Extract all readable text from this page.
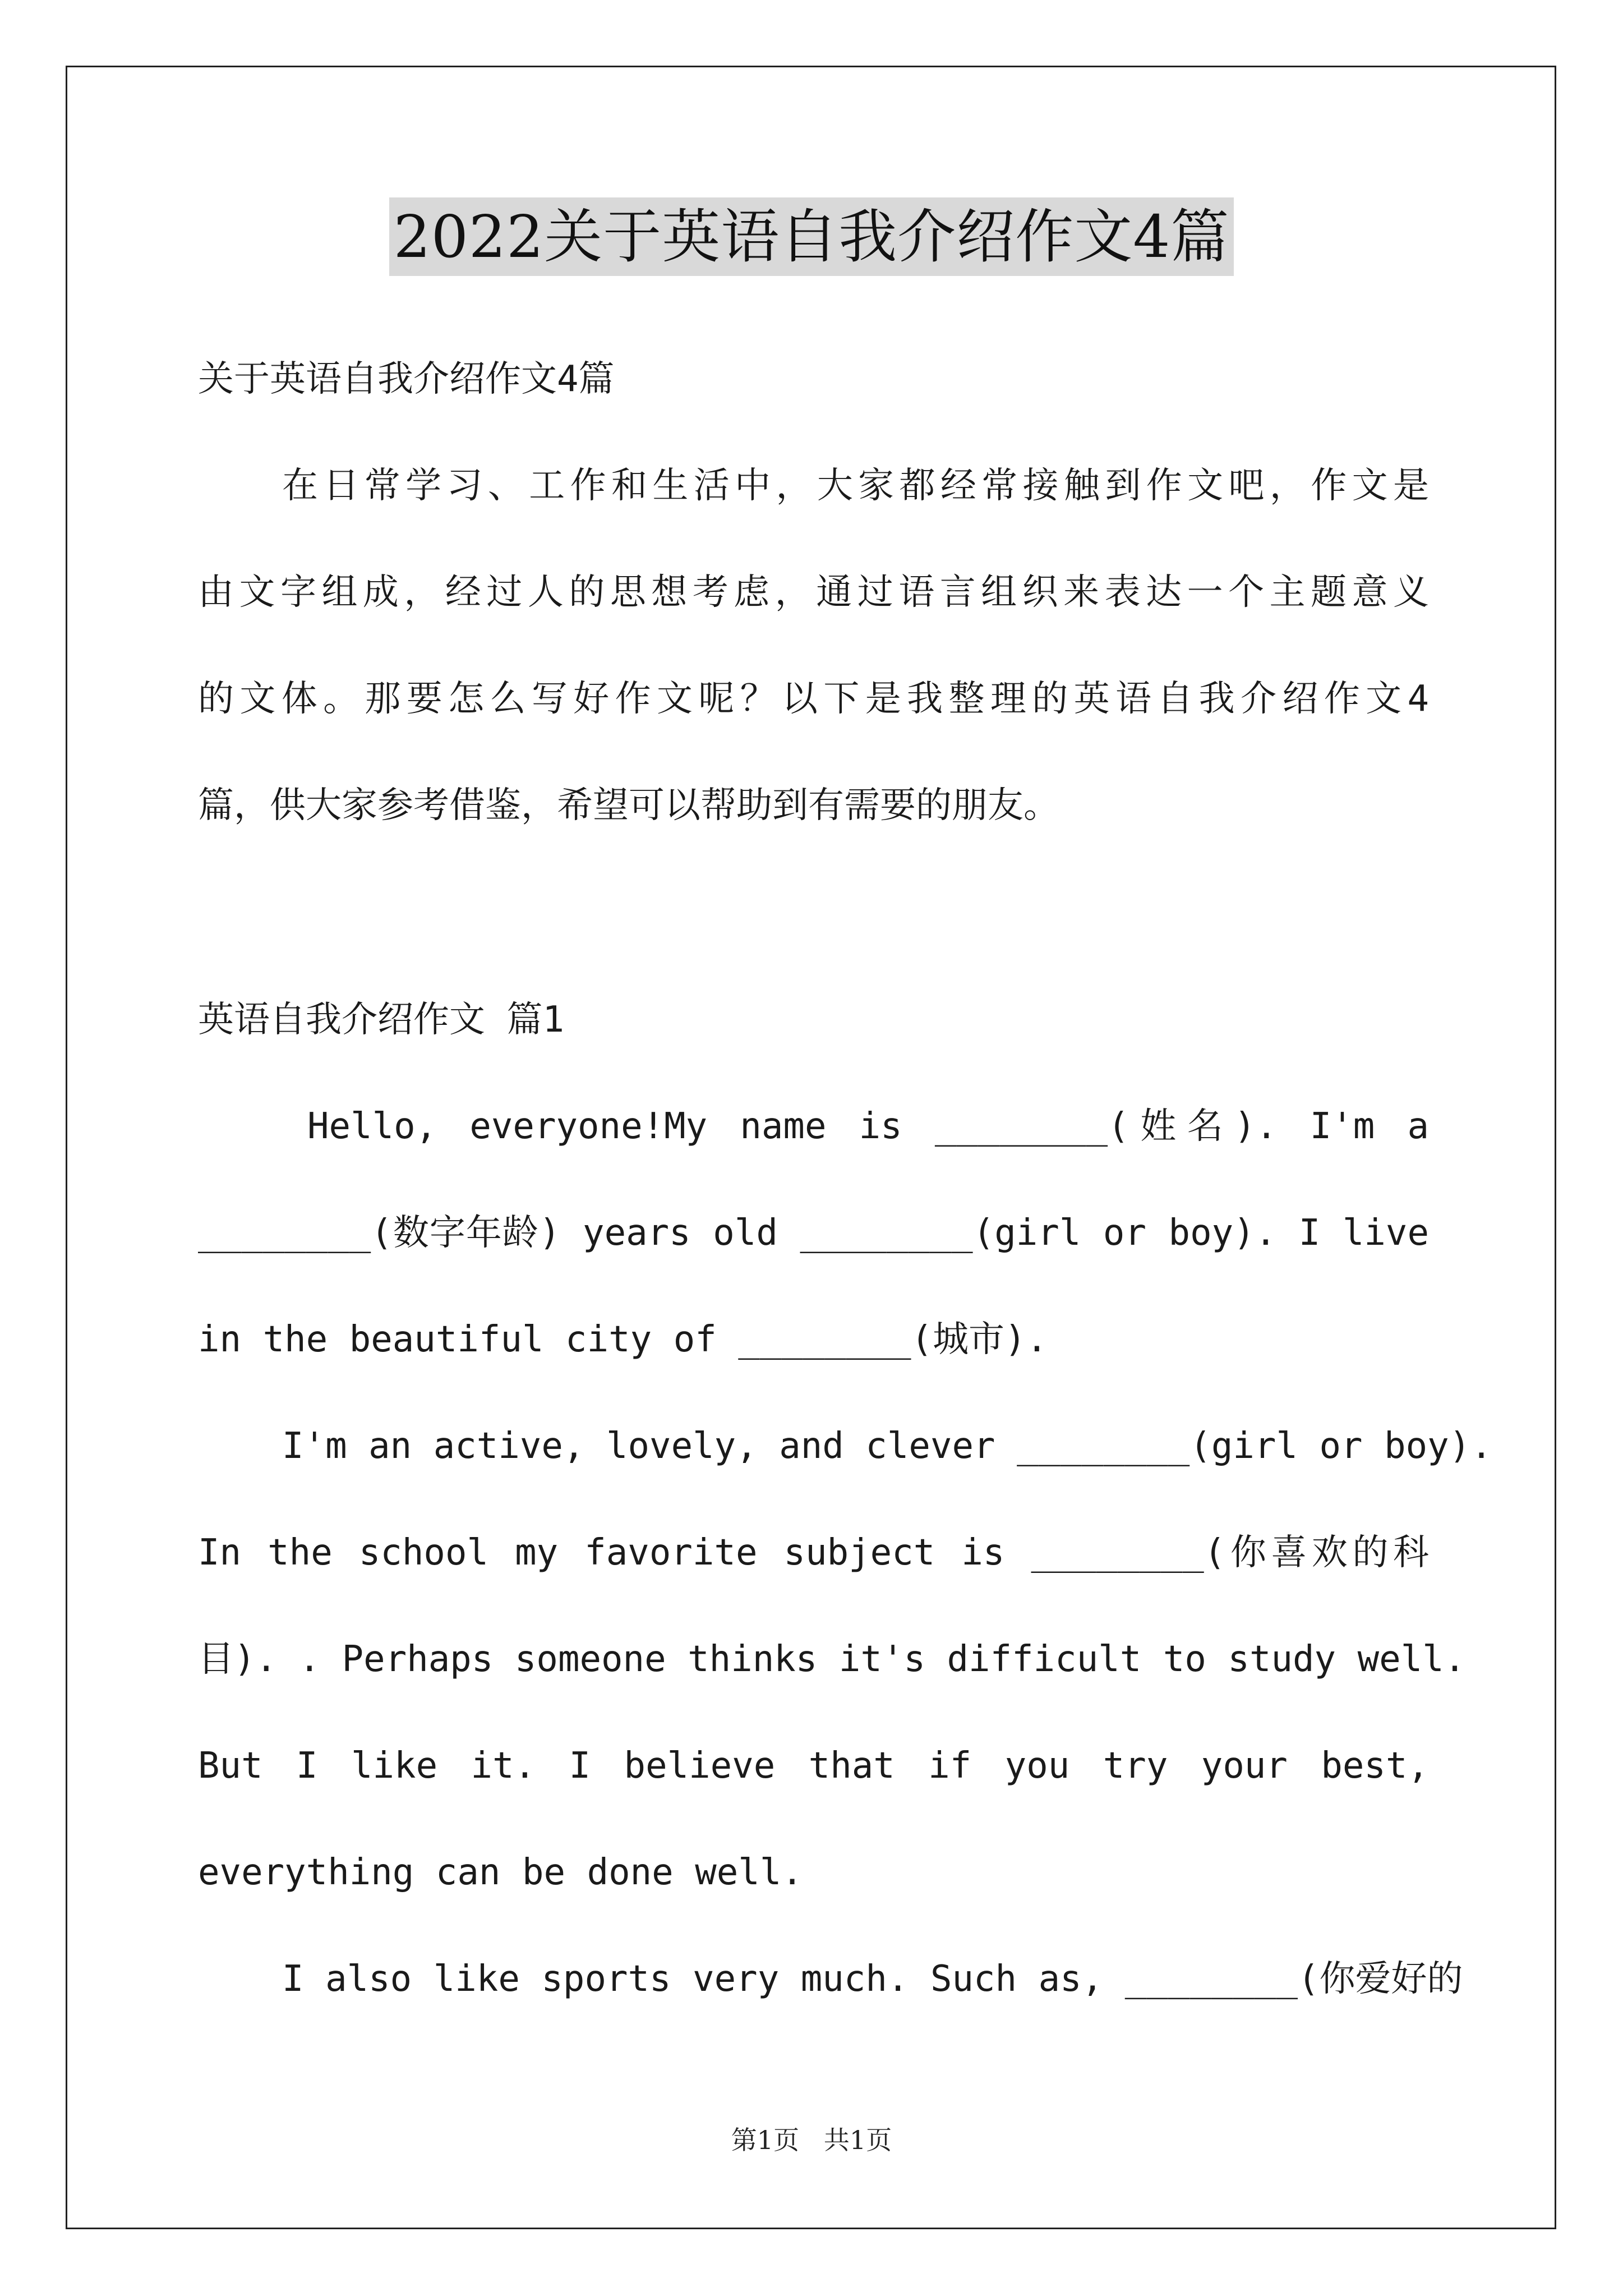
2022关于英语自我介绍作文4篇
关于英语自我介绍作文4篇
在日常学习、工作和生活中，大家都经常接触到作文吧，作文是
由文字组成，经过人的思想考虑，通过语言组织来表达一个主题意义
的文体。那要怎么写好作文呢？以下是我整理的英语自我介绍作文4
篇，供大家参考借鉴，希望可以帮助到有需要的朋友。
英语自我介绍作文 篇1
Hello, everyone!My name is ________(姓名). I'm a
________(数字年龄) years old ________(girl or boy). I live
in the beautiful city of ________(城市).
I'm an active, lovely, and clever ________(girl or boy).
In the school my favorite subject is ________(你喜欢的科
目). . Perhaps someone thinks it's difficult to study well.
But I like it. I believe that if you try your best,
everything can be done well.
I also like sports very much. Such as, ________(你爱好的
第1页   共1页
